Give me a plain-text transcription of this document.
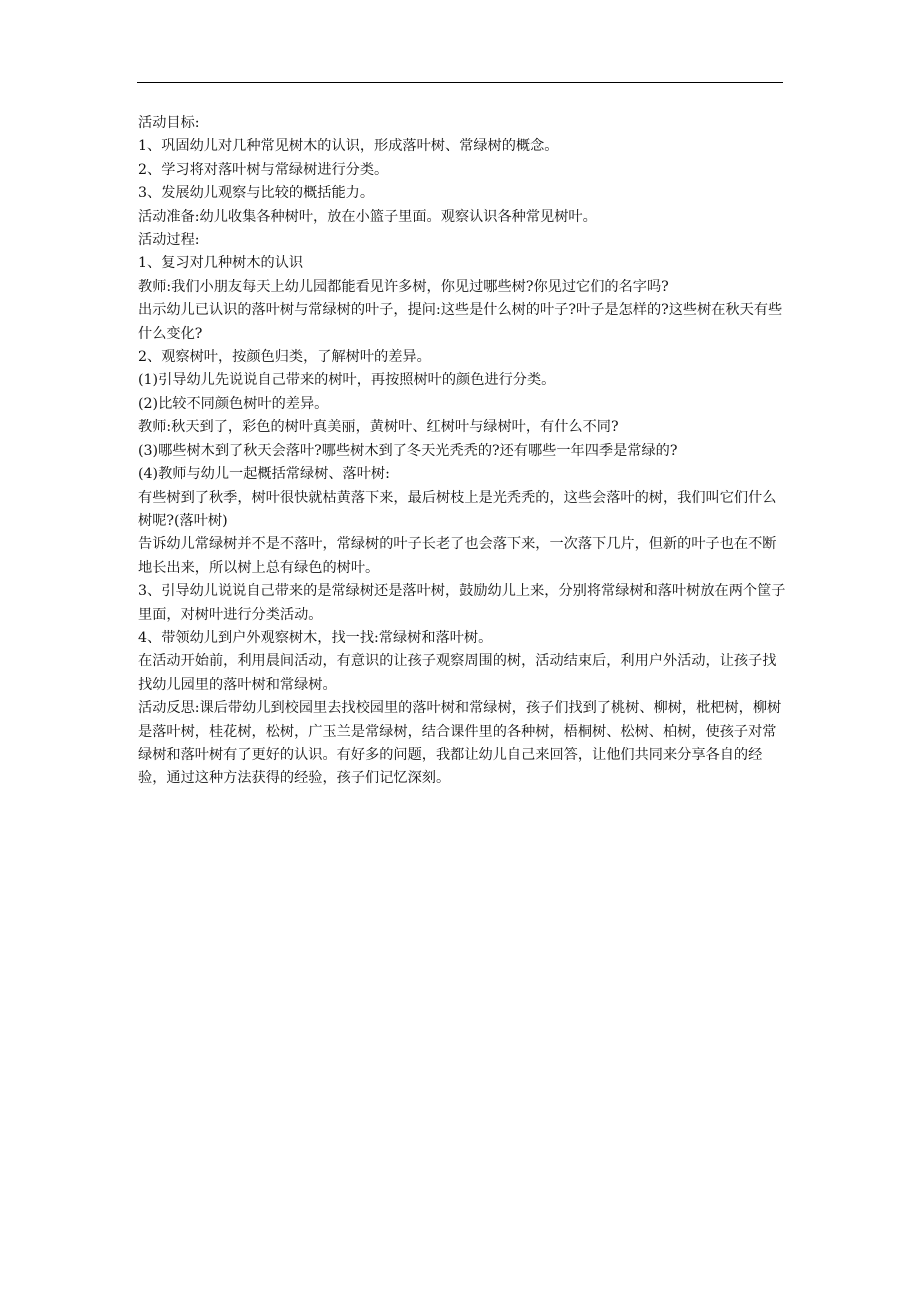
活动目标:
1、巩固幼儿对几种常见树木的认识，形成落叶树、常绿树的概念。
2、学习将对落叶树与常绿树进行分类。
3、发展幼儿观察与比较的概括能力。
活动准备:幼儿收集各种树叶，放在小篮子里面。观察认识各种常见树叶。
活动过程:
1、复习对几种树木的认识
教师:我们小朋友每天上幼儿园都能看见许多树，你见过哪些树?你见过它们的名字吗?
出示幼儿已认识的落叶树与常绿树的叶子，提问:这些是什么树的叶子?叶子是怎样的?这些树在秋天有些什么变化?
2、观察树叶，按颜色归类，了解树叶的差异。
(1)引导幼儿先说说自己带来的树叶，再按照树叶的颜色进行分类。
(2)比较不同颜色树叶的差异。
教师:秋天到了，彩色的树叶真美丽，黄树叶、红树叶与绿树叶，有什么不同?
(3)哪些树木到了秋天会落叶?哪些树木到了冬天光秃秃的?还有哪些一年四季是常绿的?
(4)教师与幼儿一起概括常绿树、落叶树:
有些树到了秋季，树叶很快就枯黄落下来，最后树枝上是光秃秃的，这些会落叶的树，我们叫它们什么树呢?(落叶树)
告诉幼儿常绿树并不是不落叶，常绿树的叶子长老了也会落下来，一次落下几片，但新的叶子也在不断地长出来，所以树上总有绿色的树叶。
3、引导幼儿说说自己带来的是常绿树还是落叶树，鼓励幼儿上来，分别将常绿树和落叶树放在两个筐子里面，对树叶进行分类活动。
4、带领幼儿到户外观察树木，找一找:常绿树和落叶树。
在活动开始前，利用晨间活动，有意识的让孩子观察周围的树，活动结束后，利用户外活动，让孩子找找幼儿园里的落叶树和常绿树。
活动反思:课后带幼儿到校园里去找校园里的落叶树和常绿树，孩子们找到了桃树、柳树，枇杷树，柳树是落叶树，桂花树，松树，广玉兰是常绿树，结合课件里的各种树，梧桐树、松树、柏树，使孩子对常绿树和落叶树有了更好的认识。有好多的问题，我都让幼儿自己来回答，让他们共同来分享各自的经验，通过这种方法获得的经验，孩子们记忆深刻。
